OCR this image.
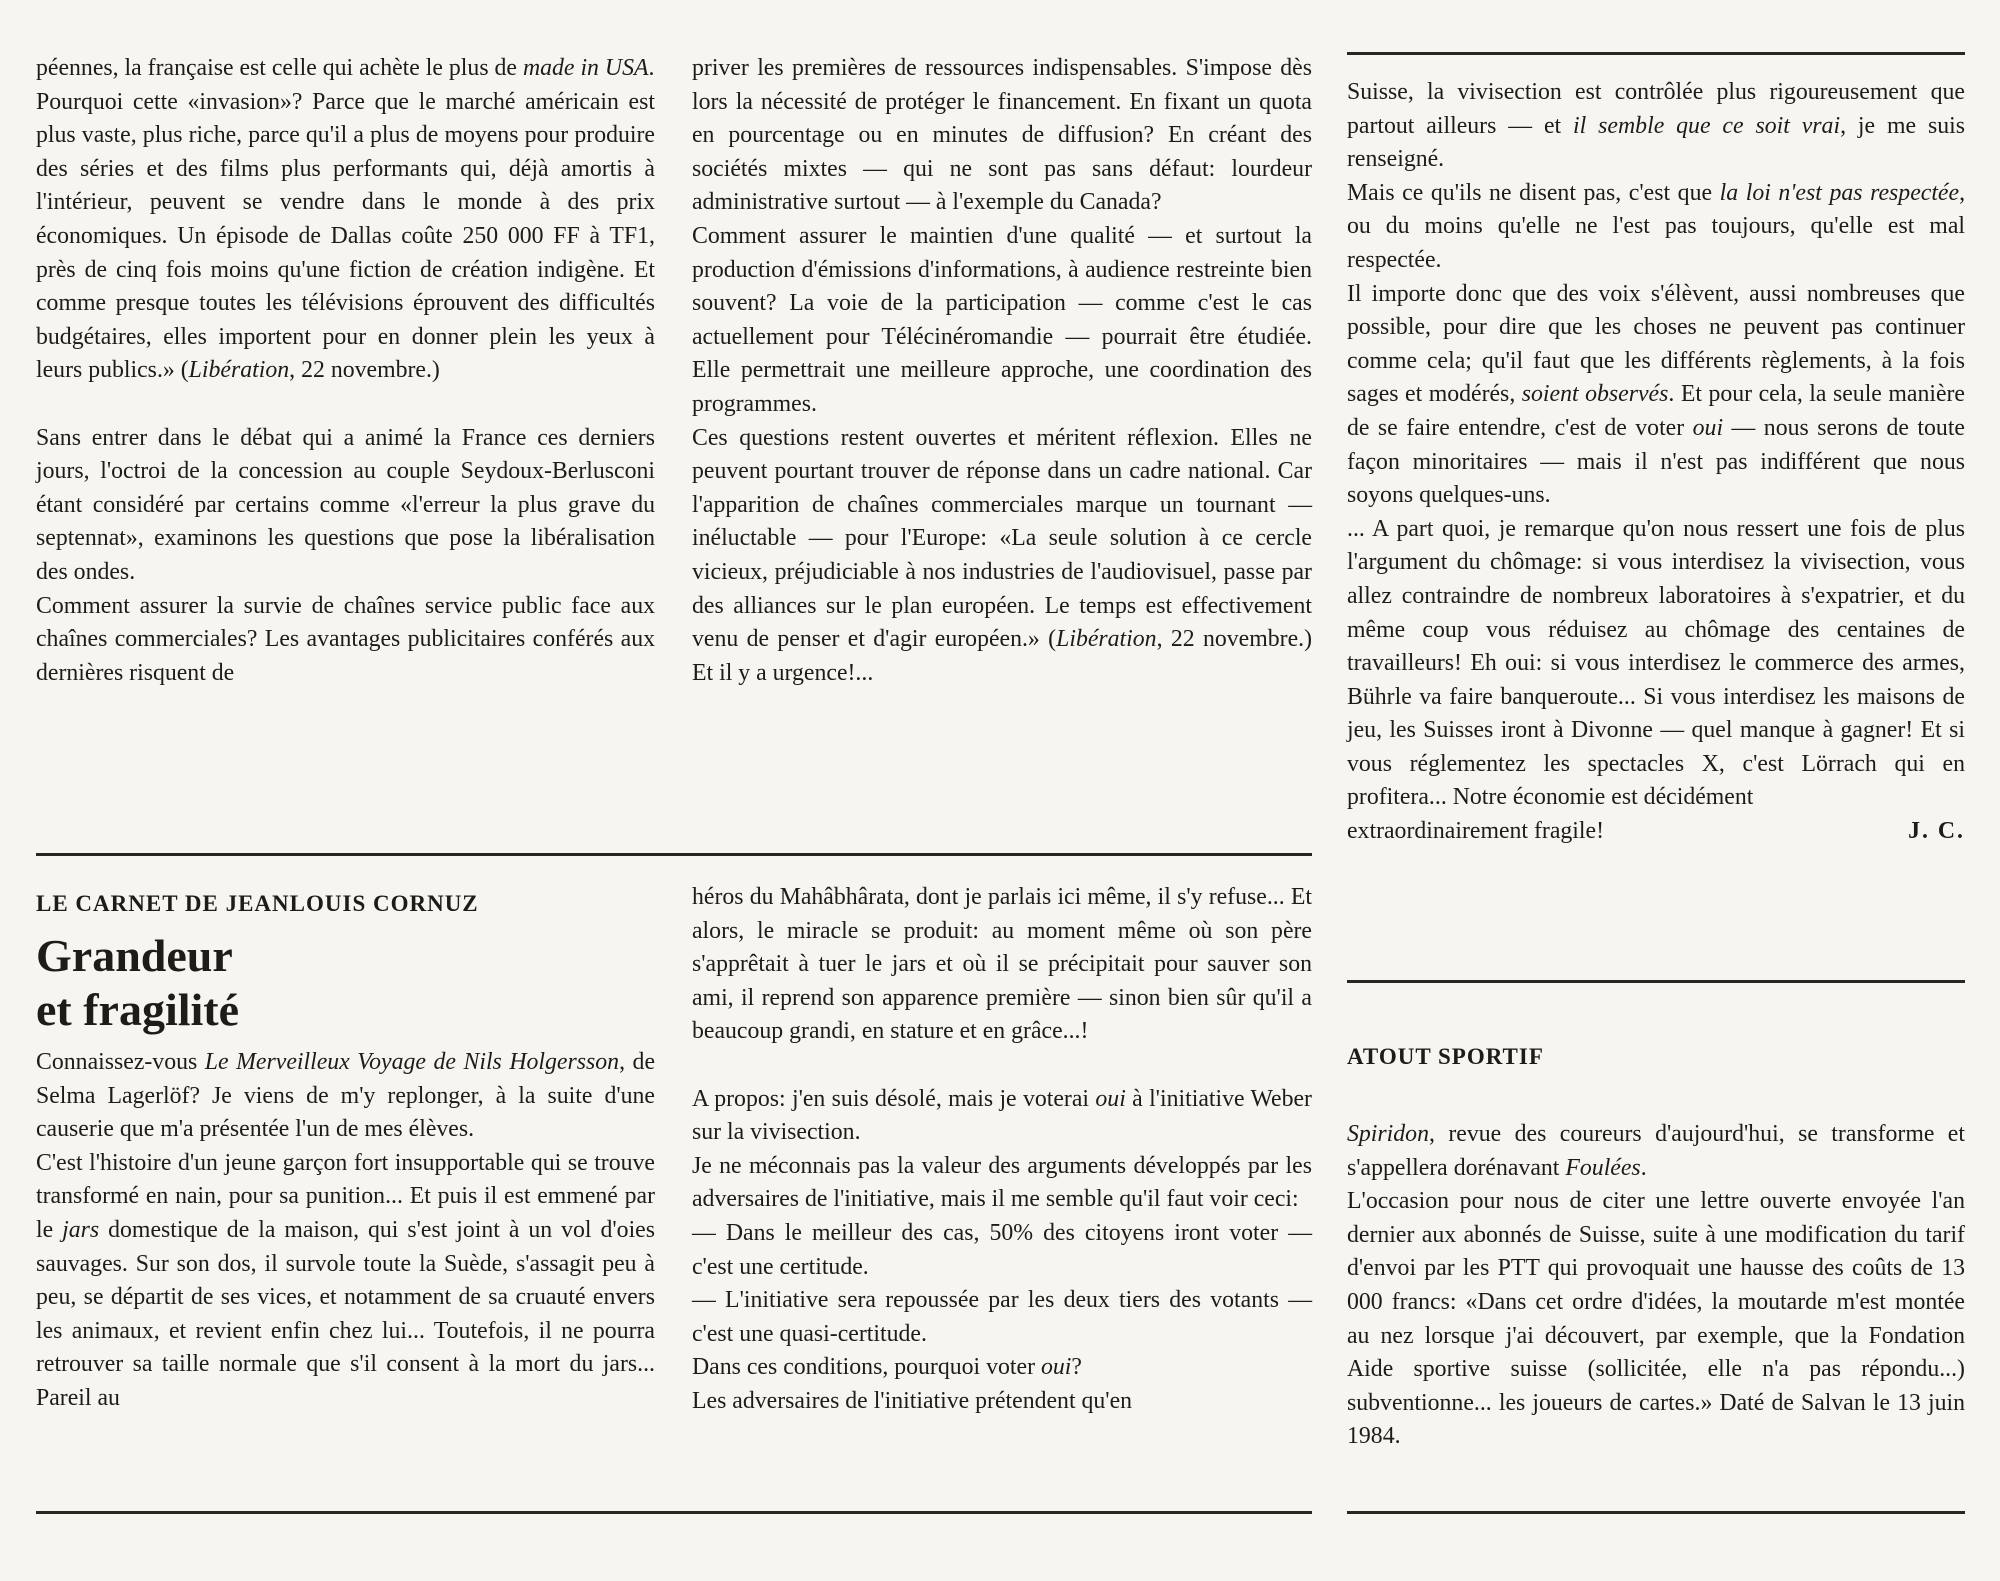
péennes, la française est celle qui achète le plus de made in USA.

Pourquoi cette «invasion»? Parce que le marché américain est plus vaste, plus riche, parce qu'il a plus de moyens pour produire des séries et des films plus performants qui, déjà amortis à l'intérieur, peuvent se vendre dans le monde à des prix économiques. Un épisode de Dallas coûte 250 000 FF à TF1, près de cinq fois moins qu'une fiction de création indigène. Et comme presque toutes les télévisions éprouvent des difficultés budgétaires, elles importent pour en donner plein les yeux à leurs publics.» (Libération, 22 novembre.)

Sans entrer dans le débat qui a animé la France ces derniers jours, l'octroi de la concession au couple Seydoux-Berlusconi étant considéré par certains comme «l'erreur la plus grave du septennat», examinons les questions que pose la libéralisation des ondes.

Comment assurer la survie de chaînes service public face aux chaînes commerciales? Les avantages publicitaires conférés aux dernières risquent de

priver les premières de ressources indispensables. S'impose dès lors la nécessité de protéger le financement. En fixant un quota en pourcentage ou en minutes de diffusion? En créant des sociétés mixtes — qui ne sont pas sans défaut: lourdeur administrative surtout — à l'exemple du Canada?

Comment assurer le maintien d'une qualité — et surtout la production d'émissions d'informations, à audience restreinte bien souvent? La voie de la participation — comme c'est le cas actuellement pour Télécinéromandie — pourrait être étudiée. Elle permettrait une meilleure approche, une coordination des programmes.

Ces questions restent ouvertes et méritent réflexion. Elles ne peuvent pourtant trouver de réponse dans un cadre national. Car l'apparition de chaînes commerciales marque un tournant — inéluctable — pour l'Europe: «La seule solution à ce cercle vicieux, préjudiciable à nos industries de l'audiovisuel, passe par des alliances sur le plan européen. Le temps est effectivement venu de penser et d'agir européen.» (Libération, 22 novembre.) Et il y a urgence!...

LE CARNET DE JEANLOUIS CORNUZ

Grandeur
et fragilité

Connaissez-vous Le Merveilleux Voyage de Nils Holgersson, de Selma Lagerlöf? Je viens de m'y replonger, à la suite d'une causerie que m'a présentée l'un de mes élèves.

C'est l'histoire d'un jeune garçon fort insupportable qui se trouve transformé en nain, pour sa punition... Et puis il est emmené par le jars domestique de la maison, qui s'est joint à un vol d'oies sauvages. Sur son dos, il survole toute la Suède, s'assagit peu à peu, se départit de ses vices, et notamment de sa cruauté envers les animaux, et revient enfin chez lui... Toutefois, il ne pourra retrouver sa taille normale que s'il consent à la mort du jars... Pareil au

héros du Mahâbhârata, dont je parlais ici même, il s'y refuse... Et alors, le miracle se produit: au moment même où son père s'apprêtait à tuer le jars et où il se précipitait pour sauver son ami, il reprend son apparence première — sinon bien sûr qu'il a beaucoup grandi, en stature et en grâce...!

A propos: j'en suis désolé, mais je voterai oui à l'initiative Weber sur la vivisection.

Je ne méconnais pas la valeur des arguments développés par les adversaires de l'initiative, mais il me semble qu'il faut voir ceci:

— Dans le meilleur des cas, 50% des citoyens iront voter — c'est une certitude.

— L'initiative sera repoussée par les deux tiers des votants — c'est une quasi-certitude.

Dans ces conditions, pourquoi voter oui?

Les adversaires de l'initiative prétendent qu'en

Suisse, la vivisection est contrôlée plus rigoureusement que partout ailleurs — et il semble que ce soit vrai, je me suis renseigné.

Mais ce qu'ils ne disent pas, c'est que la loi n'est pas respectée, ou du moins qu'elle ne l'est pas toujours, qu'elle est mal respectée.

Il importe donc que des voix s'élèvent, aussi nombreuses que possible, pour dire que les choses ne peuvent pas continuer comme cela; qu'il faut que les différents règlements, à la fois sages et modérés, soient observés. Et pour cela, la seule manière de se faire entendre, c'est de voter oui — nous serons de toute façon minoritaires — mais il n'est pas indifférent que nous soyons quelques-uns.

... A part quoi, je remarque qu'on nous ressert une fois de plus l'argument du chômage: si vous interdisez la vivisection, vous allez contraindre de nombreux laboratoires à s'expatrier, et du même coup vous réduisez au chômage des centaines de travailleurs! Eh oui: si vous interdisez le commerce des armes, Bührle va faire banqueroute... Si vous interdisez les maisons de jeu, les Suisses iront à Divonne — quel manque à gagner! Et si vous réglementez les spectacles X, c'est Lörrach qui en profitera... Notre économie est décidément

extraordinairement fragile!	J. C.

ATOUT SPORTIF

Spiridon, revue des coureurs d'aujourd'hui, se transforme et s'appellera dorénavant Foulées.

L'occasion pour nous de citer une lettre ouverte envoyée l'an dernier aux abonnés de Suisse, suite à une modification du tarif d'envoi par les PTT qui provoquait une hausse des coûts de 13 000 francs: «Dans cet ordre d'idées, la moutarde m'est montée au nez lorsque j'ai découvert, par exemple, que la Fondation Aide sportive suisse (sollicitée, elle n'a pas répondu...) subventionne... les joueurs de cartes.» Daté de Salvan le 13 juin 1984.
